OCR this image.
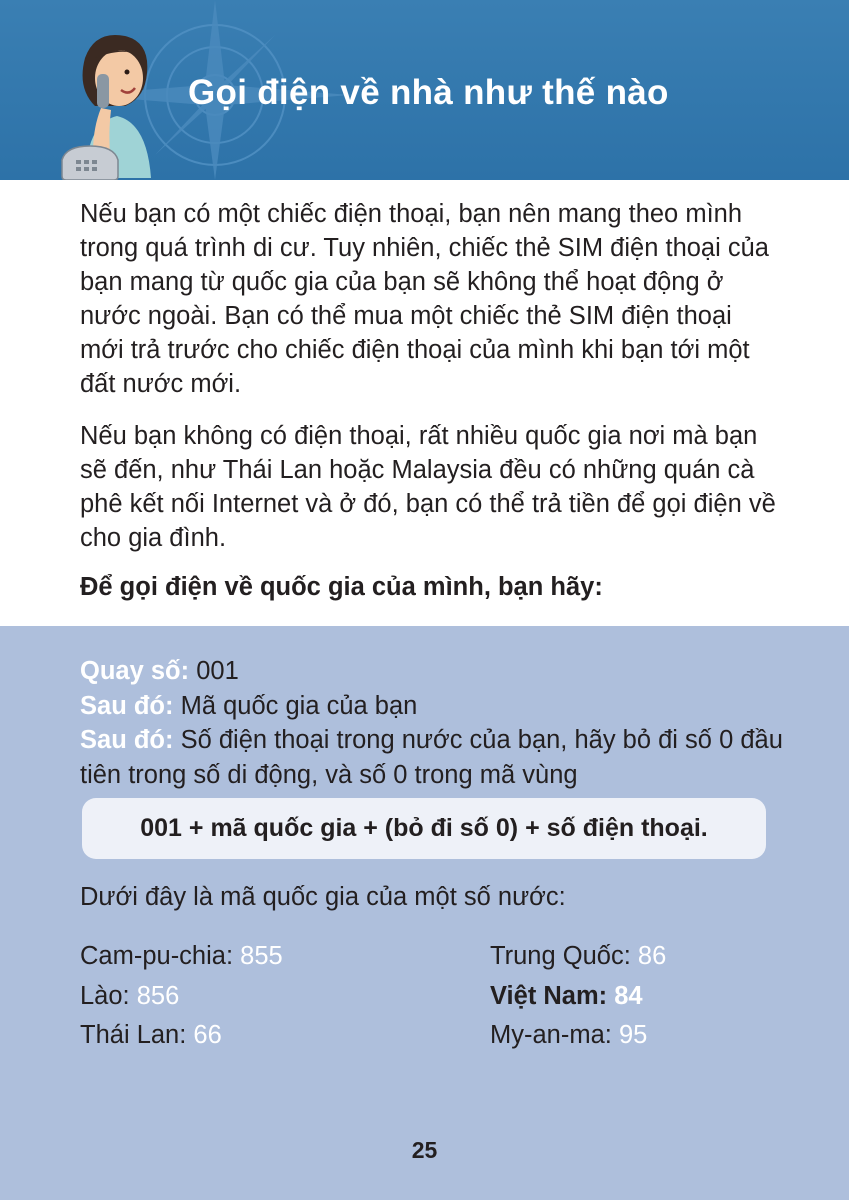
Gọi điện về nhà như thế nào

Nếu bạn có một chiếc điện thoại, bạn nên mang theo mình trong quá trình di cư. Tuy nhiên, chiếc thẻ SIM điện thoại của bạn mang từ quốc gia của bạn sẽ không thể hoạt động ở nước ngoài. Bạn có thể mua một chiếc thẻ SIM điện thoại mới trả trước cho chiếc điện thoại của mình khi bạn tới một đất nước mới.

Nếu bạn không có điện thoại, rất nhiều quốc gia nơi mà bạn sẽ đến, như Thái Lan hoặc Malaysia đều có những quán cà phê kết nối Internet và ở đó, bạn có thể trả tiền để gọi điện về cho gia đình.

Để gọi điện về quốc gia của mình, bạn hãy:

Quay số: 001
Sau đó: Mã quốc gia của bạn
Sau đó: Số điện thoại trong nước của bạn, hãy bỏ đi số 0 đầu tiên trong số di động, và số 0 trong mã vùng
001 + mã quốc gia + (bỏ đi số 0) + số điện thoại.

Dưới đây là mã quốc gia của một số nước:

Cam-pu-chia: 855
Lào: 856
Thái Lan: 66
Trung Quốc: 86
Việt Nam: 84
My-an-ma: 95
25
